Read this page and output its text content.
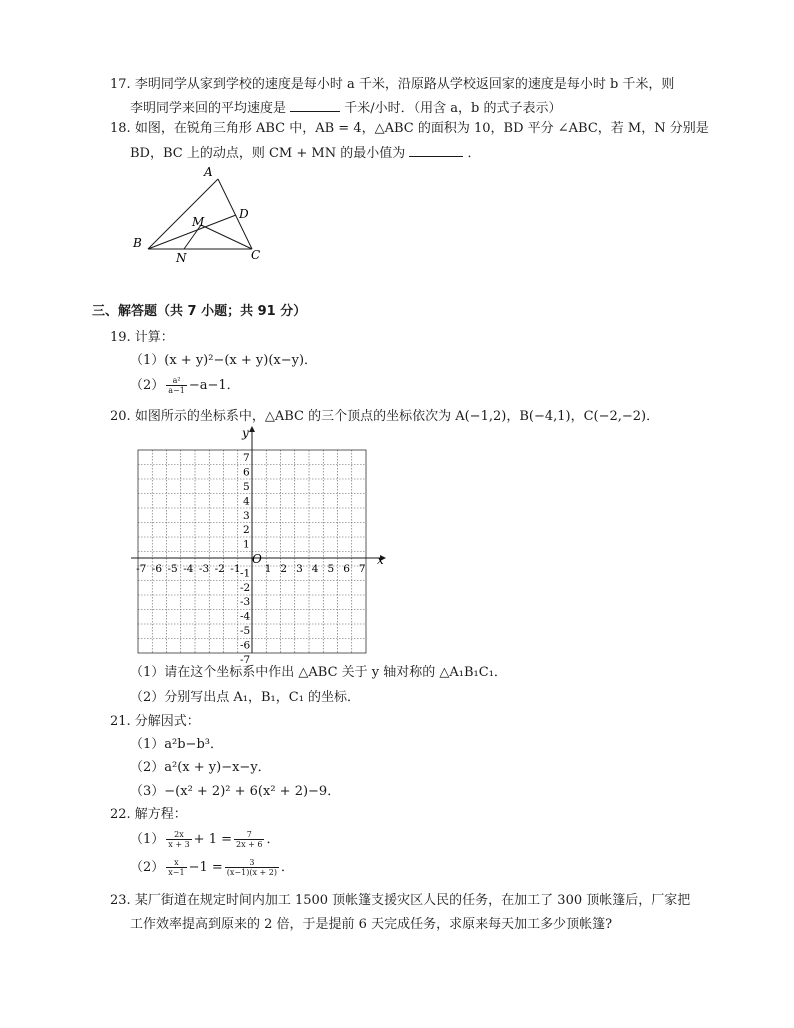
17. 李明同学从家到学校的速度是每小时 a 千米，沿原路从学校返回家的速度是每小时 b 千米，则
李明同学来回的平均速度是	千米/小时．（用含 a，b 的式子表示）
18. 如图，在锐角三角形 ABC 中，AB = 4，△ABC 的面积为 10，BD 平分 ∠ABC，若 M，N 分别是
BD，BC 上的动点，则 CM + MN 的最小值为	．
A
B
C
D
M
N
三、解答题（共 7 小题；共 91 分）
19. 计算：
（1）(x + y)²−(x + y)(x−y)．
$(2) \frac{\text{a²}}{a-1} -a-1$．
20. 如图所示的坐标系中，△ABC 的三个顶点的坐标依次为 A(−1,2)，B(−4,1)，C(−2,−2)．
x
y
O
-7 -6 -5 -4 -3 -2 -1 1 2 3 4 5 6 7
7
6
5
4
3
2
1
-1
-2
-3
-4
-5
-6
-7
（1）请在这个坐标系中作出 △ABC 关于 y 轴对称的 △A₁B₁C₁．
（2）分别写出点 A₁，B₁，C₁ 的坐标．
21. 分解因式：
（1）a²b−b³．
（2）a²(x + y)−x−y．
（3）−(x² + 2)² + 6(x² + 2)−9．
22. 解方程：
$(1) \frac{2x}{x + 3} + 1 = \frac{7}{2x + 6}$ ．
$(2) \frac{x}{x-1} -1 = \frac{3}{(x-1)(x + 2)}$ ．
23. 某厂街道在规定时间内加工 1500 顶帐篷支援灾区人民的任务，在加工了 300 顶帐篷后，厂家把
工作效率提高到原来的 2 倍，于是提前 6 天完成任务，求原来每天加工多少顶帐篷?
